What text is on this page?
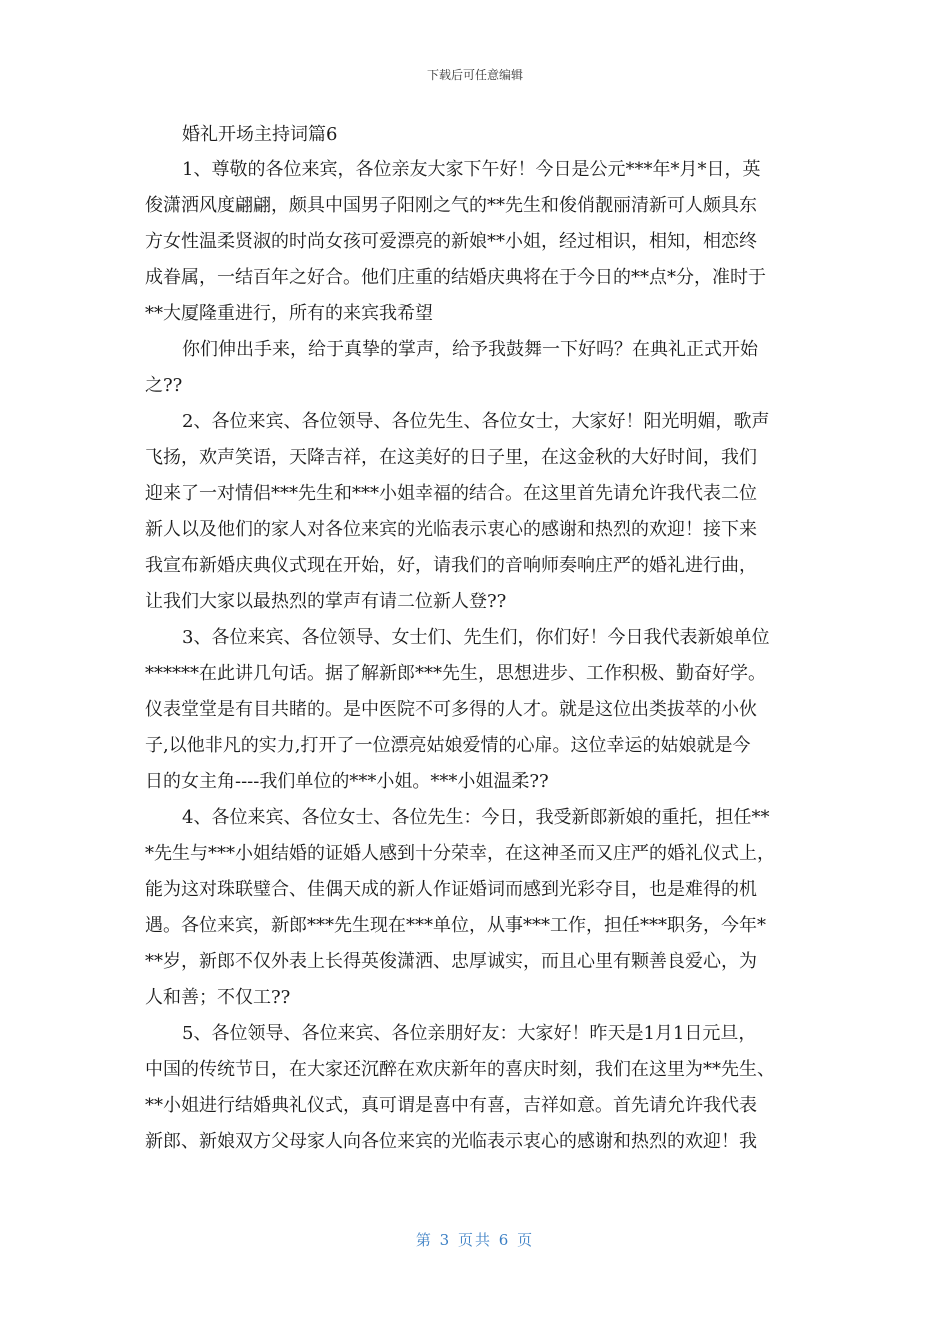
下载后可任意编辑
婚礼开场主持词篇6

1、尊敬的各位来宾，各位亲友大家下午好！今日是公元***年*月*日，英
俊潇洒风度翩翩，颇具中国男子阳刚之气的**先生和俊俏靓丽清新可人颇具东
方女性温柔贤淑的时尚女孩可爱漂亮的新娘**小姐，经过相识，相知，相恋终
成眷属，一结百年之好合。他们庄重的结婚庆典将在于今日的**点*分，准时于
**大厦隆重进行，所有的来宾我希望

你们伸出手来，给于真挚的掌声，给予我鼓舞一下好吗？在典礼正式开始
之??

2、各位来宾、各位领导、各位先生、各位女士，大家好！阳光明媚，歌声
飞扬，欢声笑语，天降吉祥，在这美好的日子里，在这金秋的大好时间，我们
迎来了一对情侣***先生和***小姐幸福的结合。在这里首先请允许我代表二位
新人以及他们的家人对各位来宾的光临表示衷心的感谢和热烈的欢迎！接下来
我宣布新婚庆典仪式现在开始，好，请我们的音响师奏响庄严的婚礼进行曲，
让我们大家以最热烈的掌声有请二位新人登??

3、各位来宾、各位领导、女士们、先生们，你们好！今日我代表新娘单位
******在此讲几句话。据了解新郎***先生，思想进步、工作积极、勤奋好学。
仪表堂堂是有目共睹的。是中医院不可多得的人才。就是这位出类拔萃的小伙
子,以他非凡的实力,打开了一位漂亮姑娘爱情的心扉。这位幸运的姑娘就是今
日的女主角----我们单位的***小姐。***小姐温柔??

4、各位来宾、各位女士、各位先生：今日，我受新郎新娘的重托，担任**
*先生与***小姐结婚的证婚人感到十分荣幸，在这神圣而又庄严的婚礼仪式上，
能为这对珠联璧合、佳偶天成的新人作证婚词而感到光彩夺目，也是难得的机
遇。各位来宾，新郎***先生现在***单位，从事***工作，担任***职务，今年*
**岁，新郎不仅外表上长得英俊潇洒、忠厚诚实，而且心里有颗善良爱心，为
人和善；不仅工??

5、各位领导、各位来宾、各位亲朋好友：大家好！昨天是1月1日元旦，
中国的传统节日，在大家还沉醉在欢庆新年的喜庆时刻，我们在这里为**先生、
**小姐进行结婚典礼仪式，真可谓是喜中有喜，吉祥如意。首先请允许我代表
新郎、新娘双方父母家人向各位来宾的光临表示衷心的感谢和热烈的欢迎！我

第 3 页共 6 页
